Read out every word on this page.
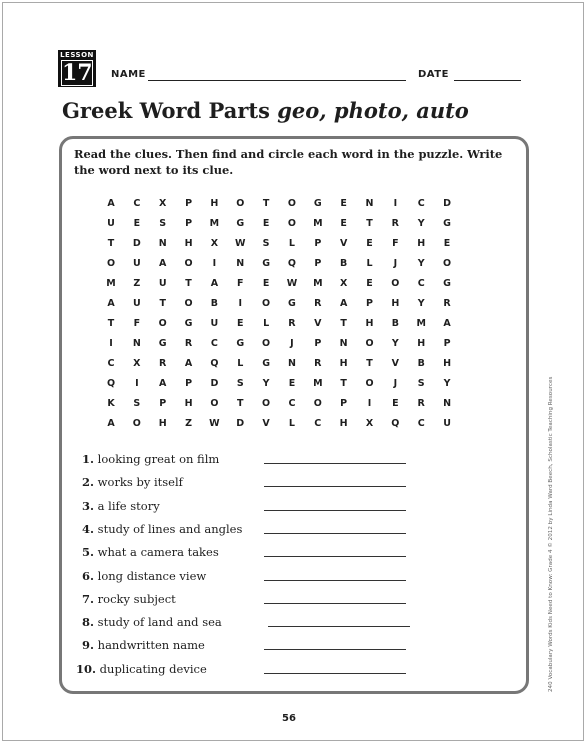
LESSON
17 NAME	DATE
Greek Word Parts geo, photo, auto
Read the clues. Then find and circle each word in the puzzle. Write the word next to its clue.
A	C	X	P	H	O	T	O	G	E	N	I	C	D
U	E	S	P	M	G	E	O	M	E	T	R	Y	G
T	D	N	H	X	W	S	L	P	V	E	F	H	E
O	U	A	O	I	N	G	Q	P	B	L	J	Y	O
M	Z	U	T	A	F	E	W	M	X	E	O	C	G
A	U	T	O	B	I	O	G	R	A	P	H	Y	R
T	F	O	G	U	E	L	R	V	T	H	B	M	A
I	N	G	R	C	G	O	J	P	N	O	Y	H	P
C	X	R	A	Q	L	G	N	R	H	T	V	B	H
Q	I	A	P	D	S	Y	E	M	T	O	J	S	Y
K	S	P	H	O	T	O	C	O	P	I	E	R	N
A	O	H	Z	W	D	V	L	C	H	X	Q	C	U
1. looking great on film
2. works by itself
3. a life story
4. study of lines and angles
5. what a camera takes
6. long distance view
7. rocky subject
8. study of land and sea
9. handwritten name
10. duplicating device
56
240 Vocabulary Words Kids Need to Know: Grade 4 © 2012 by Linda Ward Beech, Scholastic Teaching Resources
